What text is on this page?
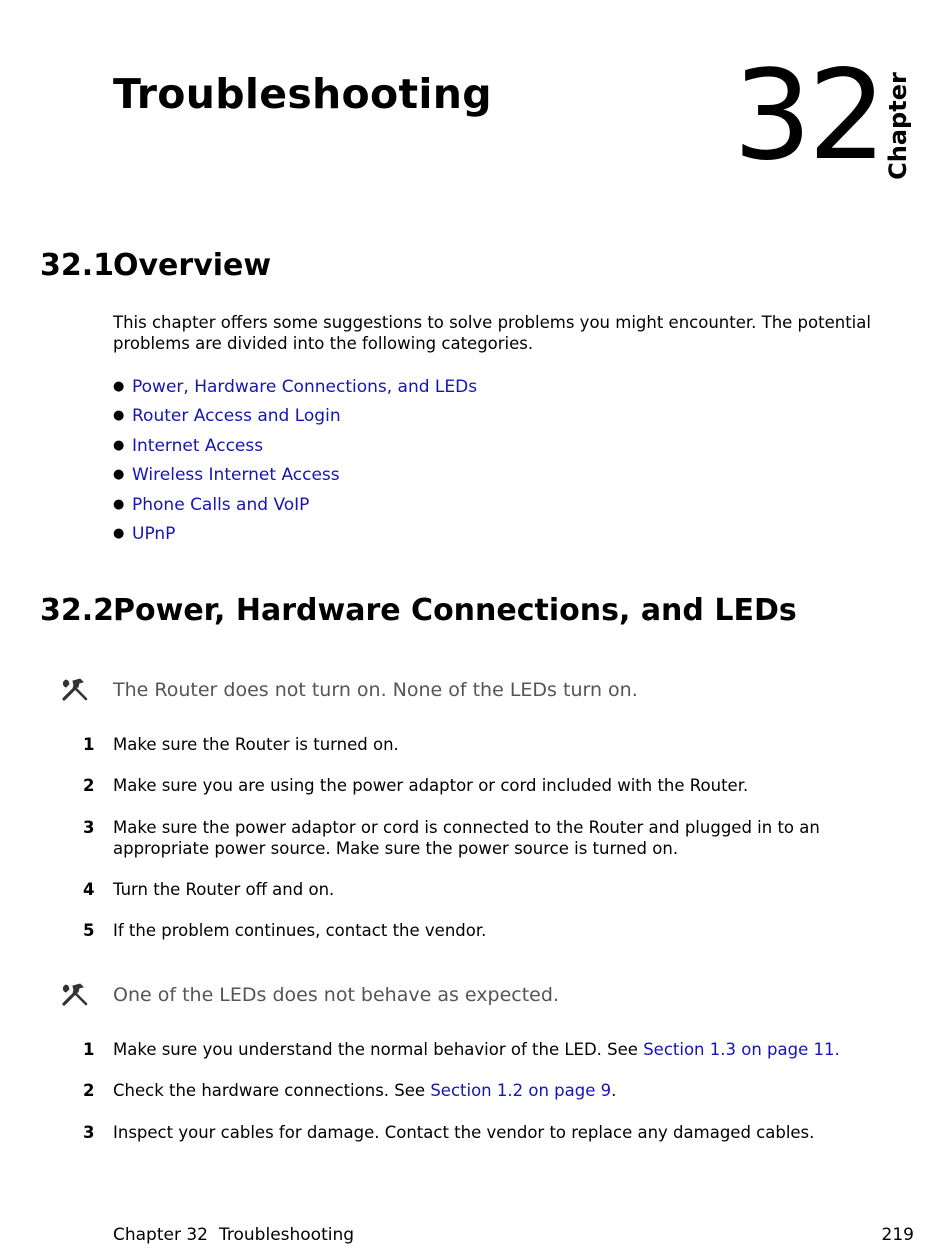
Troubleshooting 32 Chapter
32.1
Overview
This chapter offers some suggestions to solve problems you might encounter. The potential problems are divided into the following categories.
● Power, Hardware Connections, and LEDs
● Router Access and Login
● Internet Access
● Wireless Internet Access
● Phone Calls and VoIP
● UPnP
32.2
Power, Hardware Connections, and LEDs
The Router does not turn on. None of the LEDs turn on.
1 Make sure the Router is turned on.
2 Make sure you are using the power adaptor or cord included with the Router.
3 Make sure the power adaptor or cord is connected to the Router and plugged in to an appropriate power source. Make sure the power source is turned on.
4 Turn the Router off and on.
5 If the problem continues, contact the vendor.
One of the LEDs does not behave as expected.
1 Make sure you understand the normal behavior of the LED. See Section 1.3 on page 11.
2 Check the hardware connections. See Section 1.2 on page 9.
3 Inspect your cables for damage. Contact the vendor to replace any damaged cables.
Chapter 32 Troubleshooting	219
